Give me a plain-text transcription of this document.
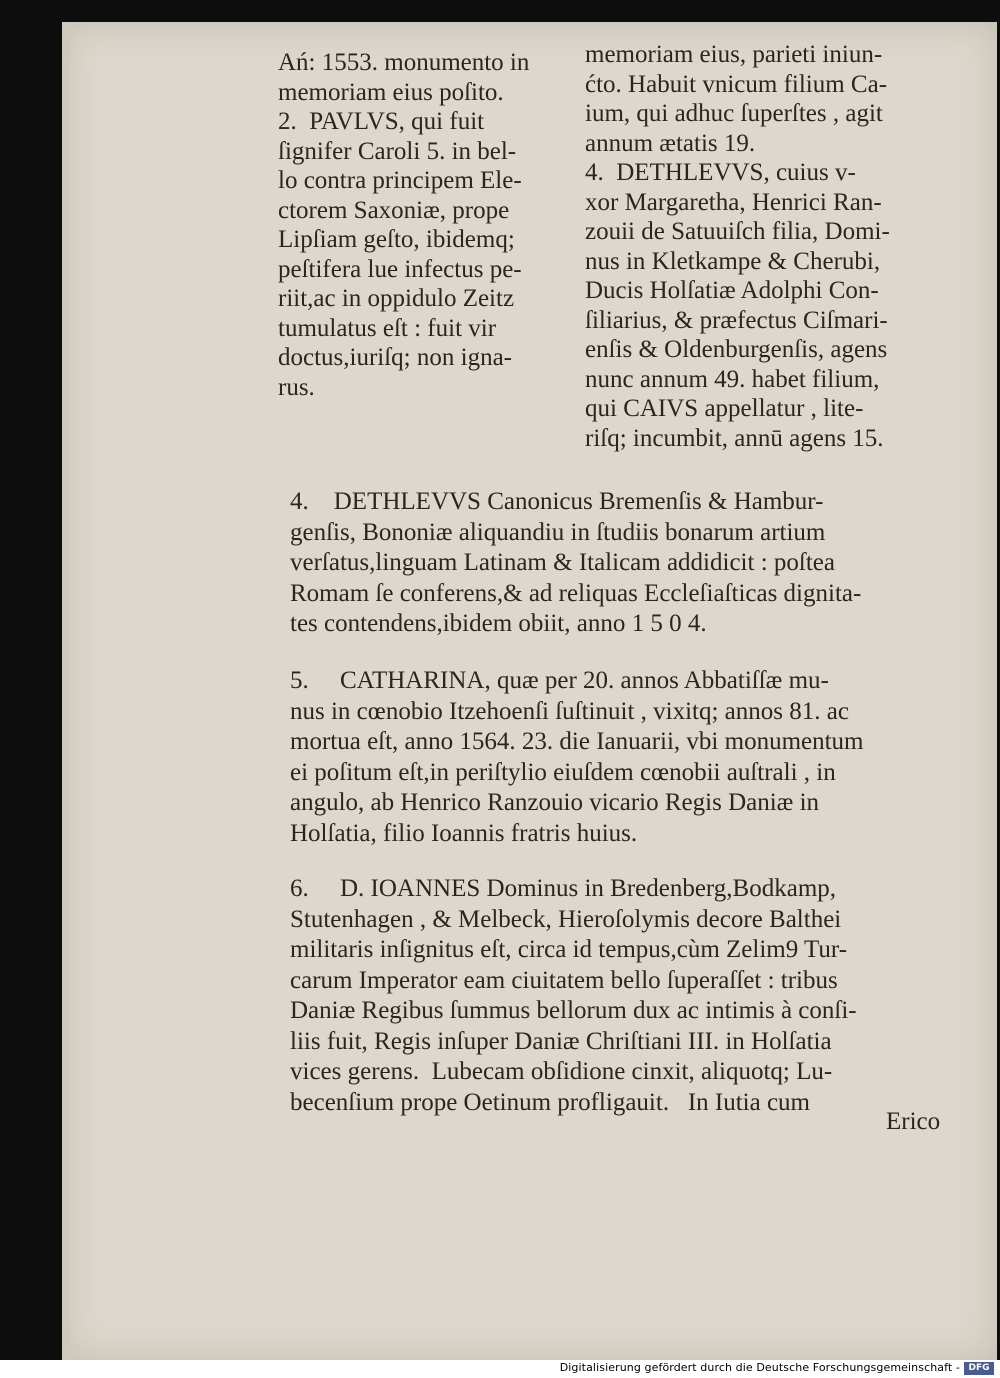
Ań: 1553. monumento in
memoriam eius poſito.
2.  PAVLVS, qui fuit
ſignifer Caroli 5. in bel-
lo contra principem Ele-
ctorem Saxoniæ, prope
Lipſiam geſto, ibidemq;
peſtifera lue infectus pe-
riit,ac in oppidulo Zeitz
tumulatus eſt : fuit vir
doctus,iuriſq; non igna-
rus.
memoriam eius, parieti iniun-
ćto. Habuit vnicum filium Ca-
ium, qui adhuc ſuperſtes , agit
annum ætatis 19.
4.  DETHLEVVS, cuius v-
xor Margaretha, Henrici Ran-
zouii de Satuuiſch filia, Domi-
nus in Kletkampe & Cherubi,
Ducis Holſatiæ Adolphi Con-
ſiliarius, & præfectus Ciſmari-
enſis & Oldenburgenſis, agens
nunc annum 49. habet filium,
qui CAIVS appellatur , lite-
riſq; incumbit, annū agens 15.
4.    DETHLEVVS Canonicus Bremenſis & Hambur-
genſis, Bononiæ aliquandiu in ſtudiis bonarum artium
verſatus,linguam Latinam & Italicam addidicit : poſtea
Romam ſe conferens,& ad reliquas Eccleſiaſticas dignita-
tes contendens,ibidem obiit, anno 1 5 0 4.
5.     CATHARINA, quæ per 20. annos Abbatiſſæ mu-
nus in cœnobio Itzehoenſi ſuſtinuit , vixitq; annos 81. ac
mortua eſt, anno 1564. 23. die Ianuarii, vbi monumentum
ei poſitum eſt,in periſtylio eiuſdem cœnobii auſtrali , in
angulo, ab Henrico Ranzouio vicario Regis Daniæ in
Holſatia, filio Ioannis fratris huius.
6.     D. IOANNES Dominus in Bredenberg,Bodkamp,
Stutenhagen , & Melbeck, Hieroſolymis decore Balthei
militaris inſignitus eſt, circa id tempus,cùm Zelim9 Tur-
carum Imperator eam ciuitatem bello ſuperaſſet : tribus
Daniæ Regibus ſummus bellorum dux ac intimis à conſi-
liis fuit, Regis inſuper Daniæ Chriſtiani III. in Holſatia
vices gerens.  Lubecam obſidione cinxit, aliquotq; Lu-
becenſium prope Oetinum profligauit.   In Iutia cum
Erico
Digitalisierung gefördert durch die Deutsche Forschungsgemeinschaft - DFG
